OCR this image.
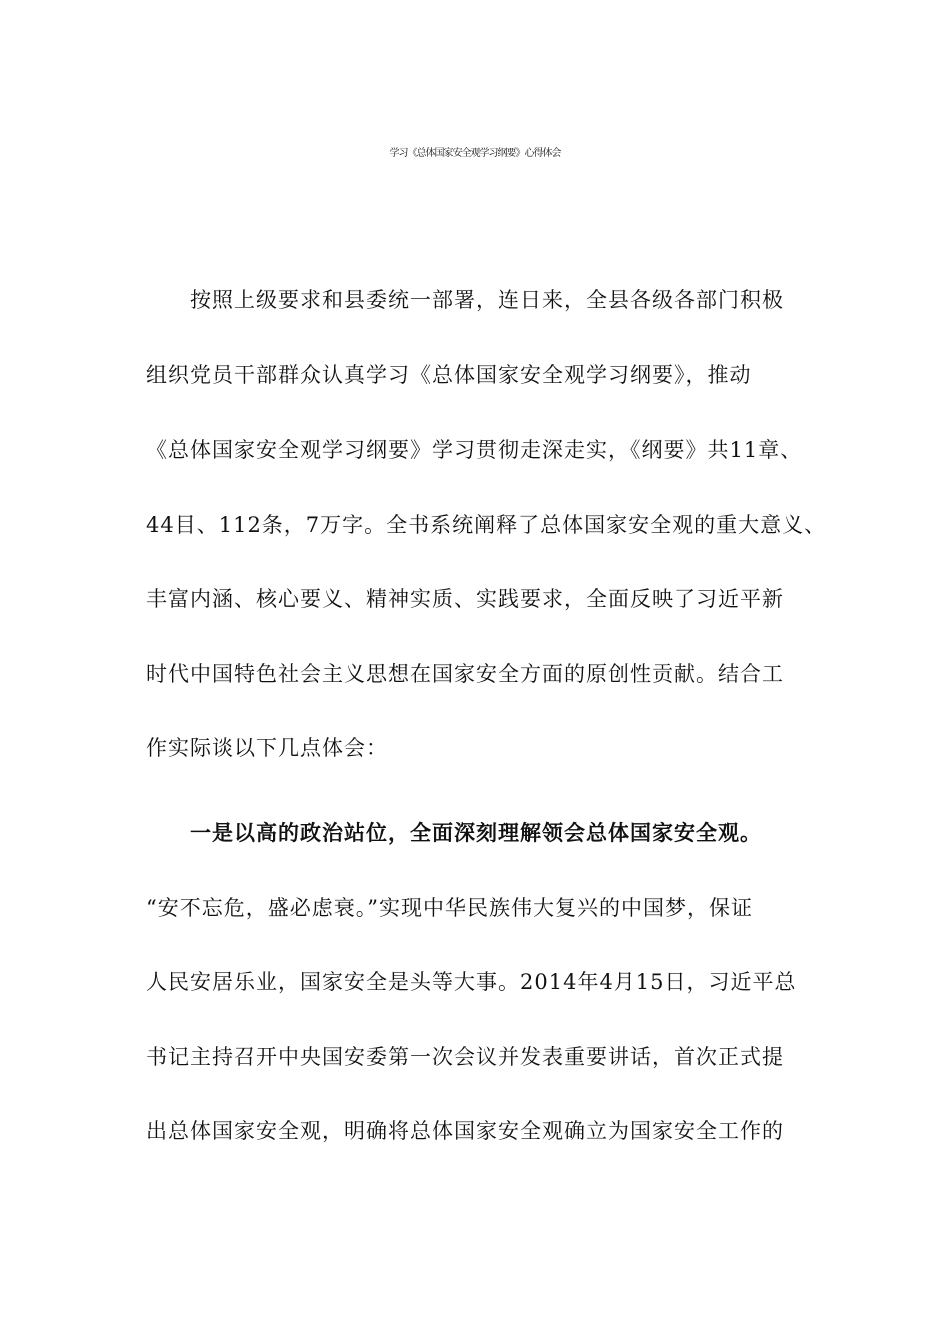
学习《总体国家安全观学习纲要》心得体会

按照上级要求和县委统一部署，连日来，全县各级各部门积极

组织党员干部群众认真学习《总体国家安全观学习纲要》，推动

《总体国家安全观学习纲要》学习贯彻走深走实，《纲要》共11章、

44目、112条，7万字。全书系统阐释了总体国家安全观的重大意义、

丰富内涵、核心要义、精神实质、实践要求，全面反映了习近平新

时代中国特色社会主义思想在国家安全方面的原创性贡献。结合工

作实际谈以下几点体会：

一是以高的政治站位，全面深刻理解领会总体国家安全观。

“安不忘危，盛必虑衰。”实现中华民族伟大复兴的中国梦，保证

人民安居乐业，国家安全是头等大事。2014年4月15日，习近平总

书记主持召开中央国安委第一次会议并发表重要讲话，首次正式提

出总体国家安全观，明确将总体国家安全观确立为国家安全工作的
